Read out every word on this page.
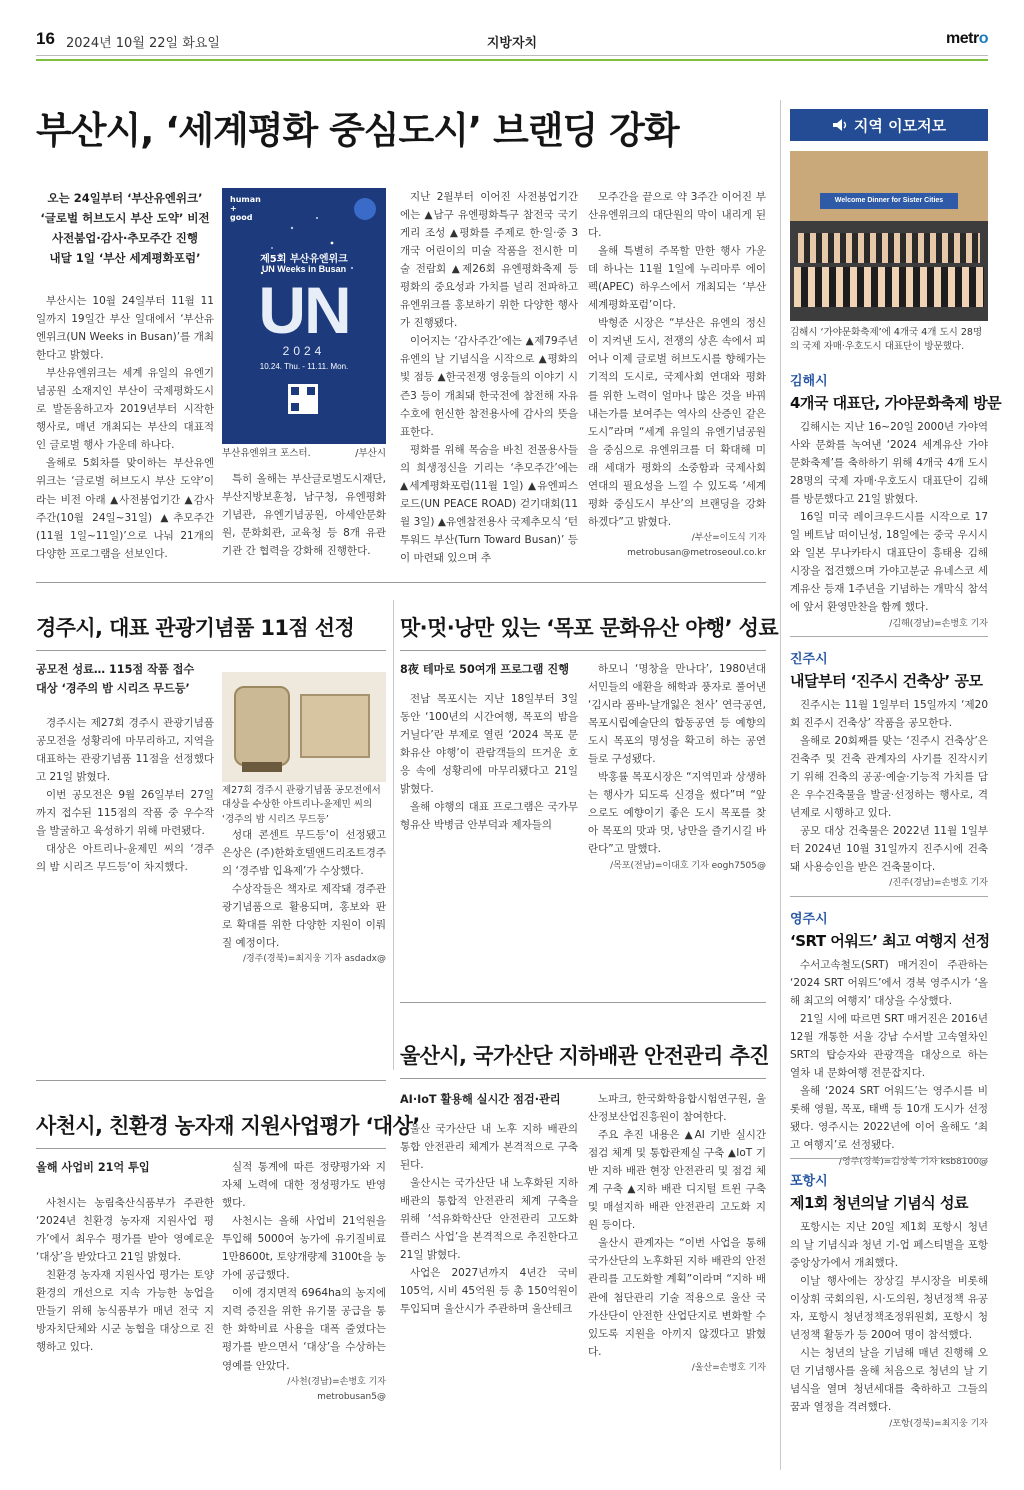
16 2024년 10월 22일 화요일	지방자치	metro
부산시, ‘세계평화 중심도시’ 브랜딩 강화
오는 24일부터 ‘부산유엔위크’
‘글로벌 허브도시 부산 도약’ 비전
사전붐업·감사·추모주간 진행
내달 1일 ‘부산 세계평화포럼’

부산시는 10월 24일부터 11월 11일까지 19일간 부산 일대에서 ‘부산유엔위크(UN Weeks in Busan)’를 개최한다고 밝혔다.

부산유엔위크는 세계 유일의 유엔기념공원 소재지인 부산이 국제평화도시로 발돋움하고자 2019년부터 시작한 행사로, 매년 개최되는 부산의 대표적인 글로벌 행사 가운데 하나다.

올해로 5회차를 맞이하는 부산유엔위크는 ‘글로벌 허브도시 부산 도약’이라는 비전 아래 ▲사전붐업기간 ▲감사주간(10월 24일~31일) ▲추모주간(11월 1일~11일)’으로 나눠 21개의 다양한 프로그램을 선보인다.

human + good
제5회 부산유엔위크
UN Weeks in Busan
UN
2024
10.24. Thu. - 11.11. Mon.
부산유엔위크 포스터.	/부산시

특히 올해는 부산글로벌도시재단, 부산지방보훈청, 남구청, 유엔평화기념관, 유엔기념공원, 아세안문화원, 문화회관, 교육청 등 8개 유관 기관 간 협력을 강화해 진행한다.

지난 2월부터 이어진 사전붐업기간에는 ▲남구 유엔평화특구 참전국 국기게리 조성 ▲평화를 주제로 한·일·중 3개국 어린이의 미술 작품을 전시한 미술 전람회 ▲제26회 유엔평화축제 등 평화의 중요성과 가치를 널리 전파하고 유엔위크를 홍보하기 위한 다양한 행사가 진행됐다.

이어지는 ‘감사주간’에는 ▲제79주년 유엔의 날 기념식을 시작으로 ▲평화의 빛 점등 ▲한국전쟁 영웅들의 이야기 시즌3 등이 개최돼 한국전에 참전해 자유 수호에 헌신한 참전용사에 감사의 뜻을 표한다.

평화를 위해 목숨을 바친 전몰용사들의 희생정신을 기리는 ‘추모주간’에는 ▲세계평화포럼(11월 1일) ▲유엔피스로드(UN PEACE ROAD) 걷기대회(11월 3일) ▲유엔참전용사 국제추모식 ‘턴 투워드 부산(Turn Toward Busan)’ 등이 마련돼 있으며 추

모주간을 끝으로 약 3주간 이어진 부산유엔위크의 대단원의 막이 내리게 된다.

올해 특별히 주목할 만한 행사 가운데 하나는 11월 1일에 누리마루 에이펙(APEC) 하우스에서 개최되는 ‘부산 세계평화포럼’이다.

박형준 시장은 “부산은 유엔의 정신이 지켜낸 도시, 전쟁의 상흔 속에서 피어나 이제 글로벌 허브도시를 향해가는 기적의 도시로, 국제사회 연대와 평화를 위한 노력이 얼마나 많은 것을 바꿔내는가를 보여주는 역사의 산증인 같은 도시”라며 “세계 유일의 유엔기념공원을 중심으로 유엔위크를 더 확대해 미래 세대가 평화의 소중함과 국제사회 연대의 필요성을 느낄 수 있도록 ‘세계평화 중심도시 부산’의 브랜딩을 강화하겠다”고 밝혔다.

/부산=이도식 기자

metrobusan@metroseoul.co.kr

경주시, 대표 관광기념품 11점 선정
공모전 성료… 115점 작품 접수
대상 ‘경주의 밤 시리즈 무드등’

경주시는 제27회 경주시 관광기념품 공모전을 성황리에 마무리하고, 지역을 대표하는 관광기념품 11점을 선정했다고 21일 밝혔다.

이번 공모전은 9월 26일부터 27일까지 접수된 115점의 작품 중 우수작을 발굴하고 육성하기 위해 마련됐다.

대상은 아트리나-윤제민 씨의 ‘경주의 밤 시리즈 무드등’이 차지했다.

제27회 경주시 관광기념품 공모전에서 대상을 수상한 아트리나-윤제민 씨의 ‘경주의 밤 시리즈 무드등’

성대 콘센트 무드등’이 선정됐고 은상은 (주)한화호텔앤드리조트경주의 ‘경주밤 입욕제’가 수상했다.

수상작들은 책자로 제작돼 경주관광기념품으로 활용되며, 홍보와 판로 확대를 위한 다양한 지원이 이뤄질 예정이다.

/경주(경북)=최지웅 기자 asdadx@

맛·멋·낭만 있는 ‘목포 문화유산 야행’ 성료
8夜 테마로 50여개 프로그램 진행

전남 목포시는 지난 18일부터 3일 동안 ‘100년의 시간여행, 목포의 밤을 거닐다’란 부제로 열린 ‘2024 목포 문화유산 야행’이 관람객들의 뜨거운 호응 속에 성황리에 마무리됐다고 21일 밝혔다.

올해 야행의 대표 프로그램은 국가무형유산 박병금 안부덕과 제자들의

하모니 ‘명창을 만나다’, 1980년대 서민들의 애환을 해학과 풍자로 풀어낸 ‘김시라 품바-날개잃은 천사’ 연극공연, 목포시립예술단의 합동공연 등 예향의 도시 목포의 명성을 확고히 하는 공연들로 구성됐다.

박홍률 목포시장은 “지역민과 상생하는 행사가 되도록 신경을 썼다”며 “앞으로도 예향이기 좋은 도시 목포를 찾아 목포의 맛과 멋, 낭만을 즐기시길 바란다”고 말했다.

/목포(전남)=이대호 기자 eogh7505@

울산시, 국가산단 지하배관 안전관리 추진
AI·IoT 활용해 실시간 점검·관리

울산 국가산단 내 노후 지하 배관의 통합 안전관리 체계가 본격적으로 구축된다.

울산시는 국가산단 내 노후화된 지하 배관의 통합적 안전관리 체계 구축을 위해 ‘석유화학산단 안전관리 고도화 플러스 사업’을 본격적으로 추진한다고 21일 밝혔다.

사업은 2027년까지 4년간 국비 105억, 시비 45억원 등 총 150억원이 투입되며 울산시가 주관하며 울산테크

노파크, 한국화학융합시험연구원, 울산정보산업진흥원이 참여한다.

주요 추진 내용은 ▲AI 기반 실시간 점검 체계 및 통합관제실 구축 ▲IoT 기반 지하 배관 현장 안전관리 및 점검 체계 구축 ▲지하 배관 디지털 트윈 구축 및 매설지하 배관 안전관리 고도화 지원 등이다.

울산시 관계자는 “이번 사업을 통해 국가산단의 노후화된 지하 배관의 안전관리를 고도화할 계획”이라며 “지하 배관에 첨단관리 기술 적용으로 울산 국가산단이 안전한 산업단지로 변화할 수 있도록 지원을 아끼지 않겠다고 밝혔다.

/울산=손병호 기자

사천시, 친환경 농자재 지원사업평가 ‘대상’
올해 사업비 21억 투입

사천시는 농림축산식품부가 주관한 ‘2024년 친환경 농자재 지원사업 평가’에서 최우수 평가를 받아 영예로운 ‘대상’을 받았다고 21일 밝혔다.

친환경 농자재 지원사업 평가는 토양 환경의 개선으로 지속 가능한 농업을 만들기 위해 농식품부가 매년 전국 지방자치단체와 시군 농협을 대상으로 진행하고 있다.

실적 통계에 따른 정량평가와 지자체 노력에 대한 정성평가도 반영했다.

사천시는 올해 사업비 21억원을 투입해 5000여 농가에 유기질비료 1만8600t, 토양개량제 3100t을 농가에 공급했다.

이에 경지면적 6964ha의 농지에 지력 증진을 위한 유기물 공급을 통한 화학비료 사용을 대폭 줄였다는 평가를 받으면서 ‘대상’을 수상하는 영예를 안았다.

/사천(경남)=손병호 기자 metrobusan5@

지역 이모저모
Welcome Dinner for Sister Cities
김해시 ‘가야문화축제’에 4개국 4개 도시 28명의 국제 자매·우호도시 대표단이 방문했다.
김해시
4개국 대표단, 가야문화축제 방문

김해시는 지난 16~20일 2000년 가야역사와 문화를 녹여낸 ‘2024 세계유산 가야문화축제’를 축하하기 위해 4개국 4개 도시 28명의 국제 자매·우호도시 대표단이 김해를 방문했다고 21일 밝혔다.

16일 미국 레이크우드시를 시작으로 17일 베트남 떠이닌성, 18일에는 중국 우시시와 일본 무나카타시 대표단이 흥태용 김해시장을 접견했으며 가야고분군 유네스코 세계유산 등재 1주년을 기념하는 개막식 참석에 앞서 환영만찬을 함께 했다.

/김해(경남)=손병호 기자

진주시
내달부터 ‘진주시 건축상’ 공모

진주시는 11월 1일부터 15일까지 ‘제20회 진주시 건축상’ 작품을 공모한다.

올해로 20회째를 맞는 ‘진주시 건축상’은 건축주 및 건축 관계자의 사기를 진작시키기 위해 건축의 공공·예술·기능적 가치를 담은 우수건축물을 발굴·선정하는 행사로, 격년제로 시행하고 있다.

공모 대상 건축물은 2022년 11월 1일부터 2024년 10월 31일까지 진주시에 건축돼 사용승인을 받은 건축물이다.

/진주(경남)=손병호 기자

영주시
‘SRT 어워드’ 최고 여행지 선정

수서고속철도(SRT) 매거진이 주관하는 ‘2024 SRT 어워드’에서 경북 영주시가 ‘올해 최고의 여행지’ 대상을 수상했다.

21일 시에 따르면 SRT 매거진은 2016년 12월 개통한 서울 강남 수서발 고속열차인 SRT의 탑승자와 관광객을 대상으로 하는 열차 내 문화여행 전문잡지다.

올해 ‘2024 SRT 어워드’는 영주시를 비롯해 영월, 목포, 태백 등 10개 도시가 선정됐다. 영주시는 2022년에 이어 올해도 ‘최고 여행지’로 선정됐다.

/영주(경북)=김상북 기자 ksb8100@

포항시
제1회 청년의날 기념식 성료

포항시는 지난 20일 제1회 포항시 청년의 날 기념식과 청년 기-업 페스티벌을 포항중앙상가에서 개최했다.

이날 행사에는 장상길 부시장을 비롯해 이상휘 국회의원, 시·도의원, 청년정책 유공자, 포항시 청년정책조정위원회, 포항시 청년정책 활동가 등 200여 명이 참석했다.

시는 청년의 날을 기념해 매년 진행해 오던 기념행사를 올해 처음으로 청년의 날 기념식을 열며 청년세대를 축하하고 그들의 꿈과 열정을 격려했다.

/포항(경북)=최지웅 기자
